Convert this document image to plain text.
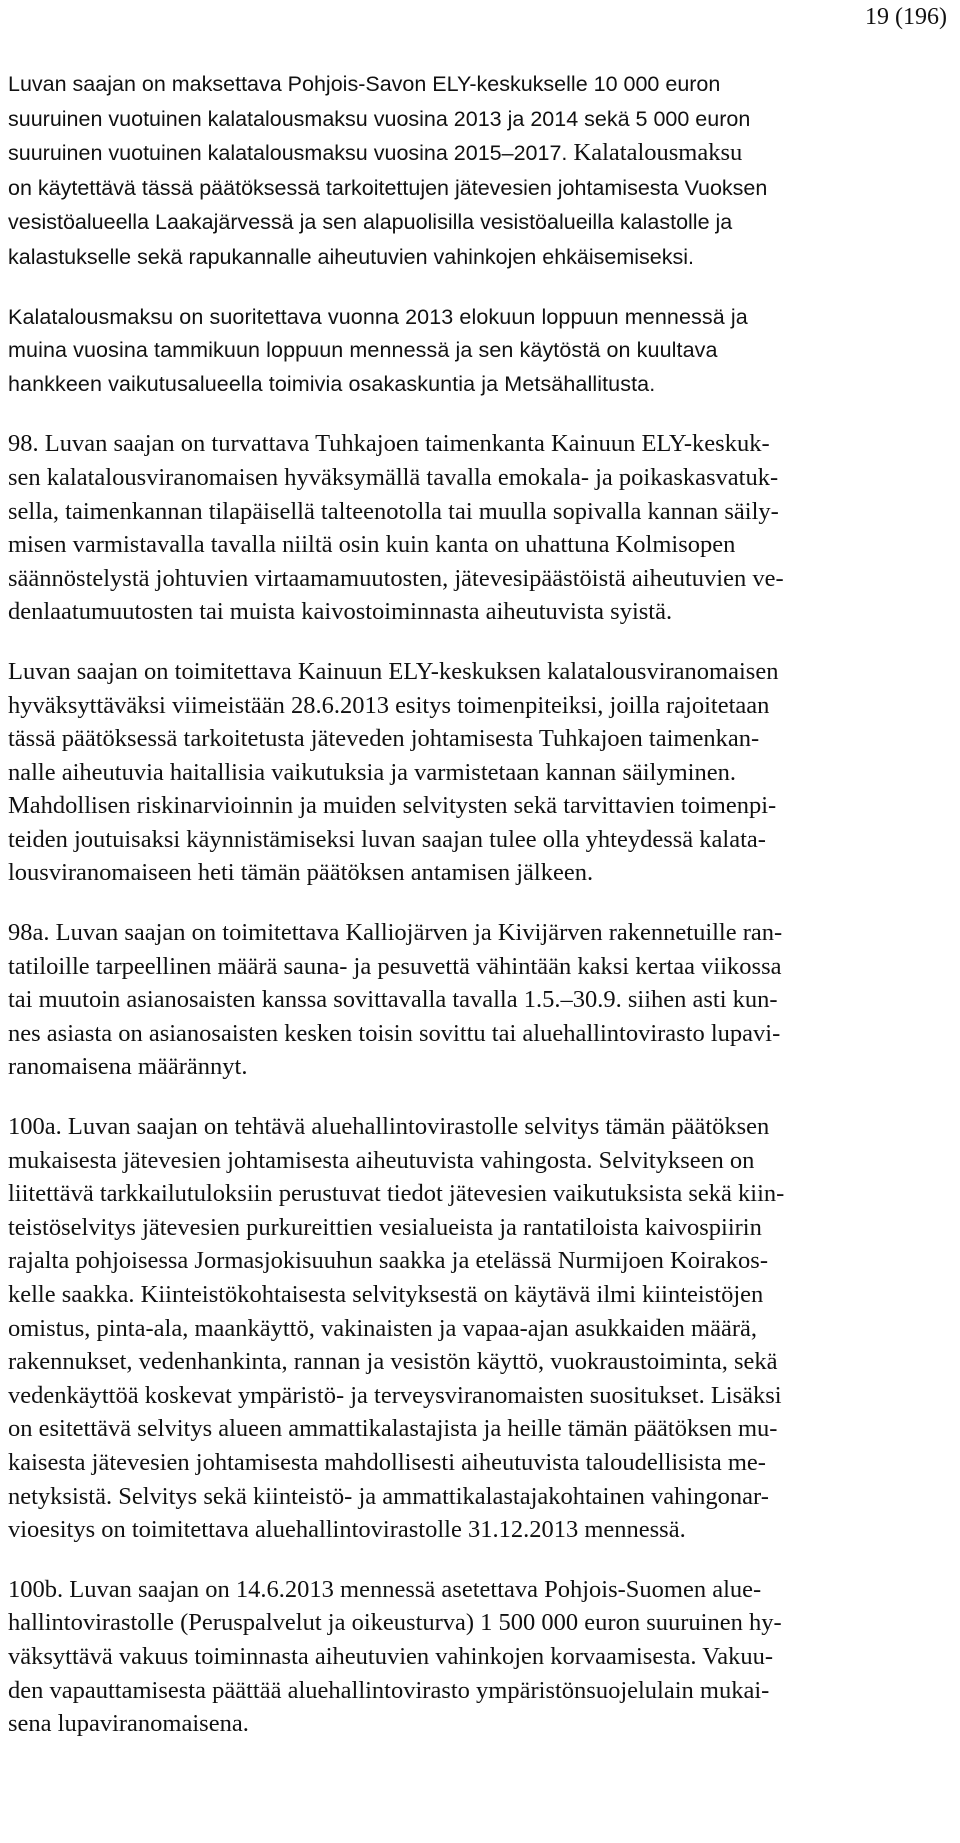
19 (196)

Luvan saajan on maksettava Pohjois-Savon ELY-keskukselle 10 000 euron
suuruinen vuotuinen kalatalousmaksu vuosina 2013 ja 2014 sekä 5 000 euron
suuruinen vuotuinen kalatalousmaksu vuosina 2015–2017. Kalatalousmaksu
on käytettävä tässä päätöksessä tarkoitettujen jätevesien johtamisesta Vuoksen
vesistöalueella Laakajärvessä ja sen alapuolisilla vesistöalueilla kalastolle ja
kalastukselle sekä rapukannalle aiheutuvien vahinkojen ehkäisemiseksi.

Kalatalousmaksu on suoritettava vuonna 2013 elokuun loppuun mennessä ja
muina vuosina tammikuun loppuun mennessä ja sen käytöstä on kuultava
hankkeen vaikutusalueella toimivia osakaskuntia ja Metsähallitusta.

98. Luvan saajan on turvattava Tuhkajoen taimenkanta Kainuun ELY-keskuk-
sen kalatalousviranomaisen hyväksymällä tavalla emokala- ja poikaskasvatuk-
sella, taimenkannan tilapäisellä talteenotolla tai muulla sopivalla kannan säily-
misen varmistavalla tavalla niiltä osin kuin kanta on uhattuna Kolmisopen
säännöstelystä johtuvien virtaamamuutosten, jätevesipäästöistä aiheutuvien ve-
denlaatumuutosten tai muista kaivostoiminnasta aiheutuvista syistä.

Luvan saajan on toimitettava Kainuun ELY-keskuksen kalatalousviranomaisen
hyväksyttäväksi viimeistään 28.6.2013 esitys toimenpiteiksi, joilla rajoitetaan
tässä päätöksessä tarkoitetusta jäteveden johtamisesta Tuhkajoen taimenkan-
nalle aiheutuvia haitallisia vaikutuksia ja varmistetaan kannan säilyminen.
Mahdollisen riskinarvioinnin ja muiden selvitysten sekä tarvittavien toimenpi-
teiden joutuisaksi käynnistämiseksi luvan saajan tulee olla yhteydessä kalata-
lousviranomaiseen heti tämän päätöksen antamisen jälkeen.

98a. Luvan saajan on toimitettava Kalliojärven ja Kivijärven rakennetuille ran-
tatiloille tarpeellinen määrä sauna- ja pesuvettä vähintään kaksi kertaa viikossa
tai muutoin asianosaisten kanssa sovittavalla tavalla 1.5.–30.9. siihen asti kun-
nes asiasta on asianosaisten kesken toisin sovittu tai aluehallintovirasto lupavi-
ranomaisena määrännyt.

100a. Luvan saajan on tehtävä aluehallintovirastolle selvitys tämän päätöksen
mukaisesta jätevesien johtamisesta aiheutuvista vahingosta. Selvitykseen on
liitettävä tarkkailutuloksiin perustuvat tiedot jätevesien vaikutuksista sekä kiin-
teistöselvitys jätevesien purkureittien vesialueista ja rantatiloista kaivospiirin
rajalta pohjoisessa Jormasjokisuuhun saakka ja etelässä Nurmijoen Koirakos-
kelle saakka. Kiinteistökohtaisesta selvityksestä on käytävä ilmi kiinteistöjen
omistus, pinta-ala, maankäyttö, vakinaisten ja vapaa-ajan asukkaiden määrä,
rakennukset, vedenhankinta, rannan ja vesistön käyttö, vuokraustoiminta, sekä
vedenkäyttöä koskevat ympäristö- ja terveysviranomaisten suositukset. Lisäksi
on esitettävä selvitys alueen ammattikalastajista ja heille tämän päätöksen mu-
kaisesta jätevesien johtamisesta mahdollisesti aiheutuvista taloudellisista me-
netyksistä. Selvitys sekä kiinteistö- ja ammattikalastajakohtainen vahingonar-
vioesitys on toimitettava aluehallintovirastolle 31.12.2013 mennessä.

100b. Luvan saajan on 14.6.2013 mennessä asetettava Pohjois-Suomen alue-
hallintovirastolle (Peruspalvelut ja oikeusturva) 1 500 000 euron suuruinen hy-
väksyttävä vakuus toiminnasta aiheutuvien vahinkojen korvaamisesta. Vakuu-
den vapauttamisesta päättää aluehallintovirasto ympäristönsuojelulain mukai-
sena lupaviranomaisena.
